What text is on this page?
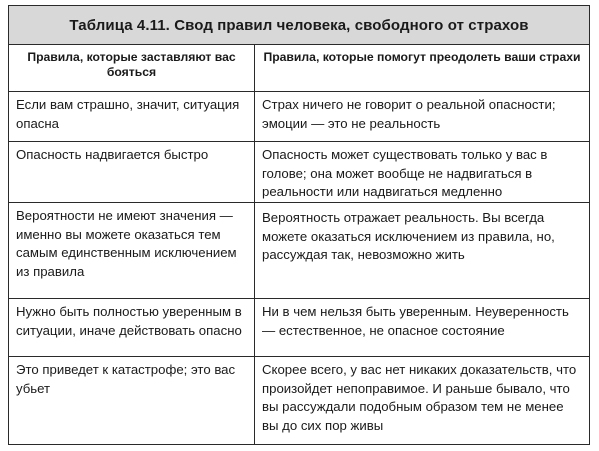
Таблица 4.11. Свод правил человека, свободного от страхов
Правила, которые заставляют вас бояться
Правила, которые помогут преодолеть ваши страхи
Если вам страшно, значит, ситуация опасна
Страх ничего не говорит о реальной опасности; эмоции — это не реальность
Опасность надвигается быстро	Опасность может существовать только у вас в голове; она может вообще не надвигаться в реальности или надвигаться медленно
Вероятности не имеют значения — именно вы можете оказаться тем самым единственным исключением из правила
Вероятность отражает реальность. Вы всегда можете оказаться исключением из правила, но, рассуждая так, невозможно жить
Нужно быть полностью уверенным в ситуации, иначе действовать опасно
Ни в чем нельзя быть уверенным. Неуверенность — естественное, не опасное состояние
Это приведет к катастрофе; это вас убьет
Скорее всего, у вас нет никаких доказательств, что произойдет непоправимое. И раньше бывало, что вы рассуждали подобным образом тем не менее вы до сих пор живы
